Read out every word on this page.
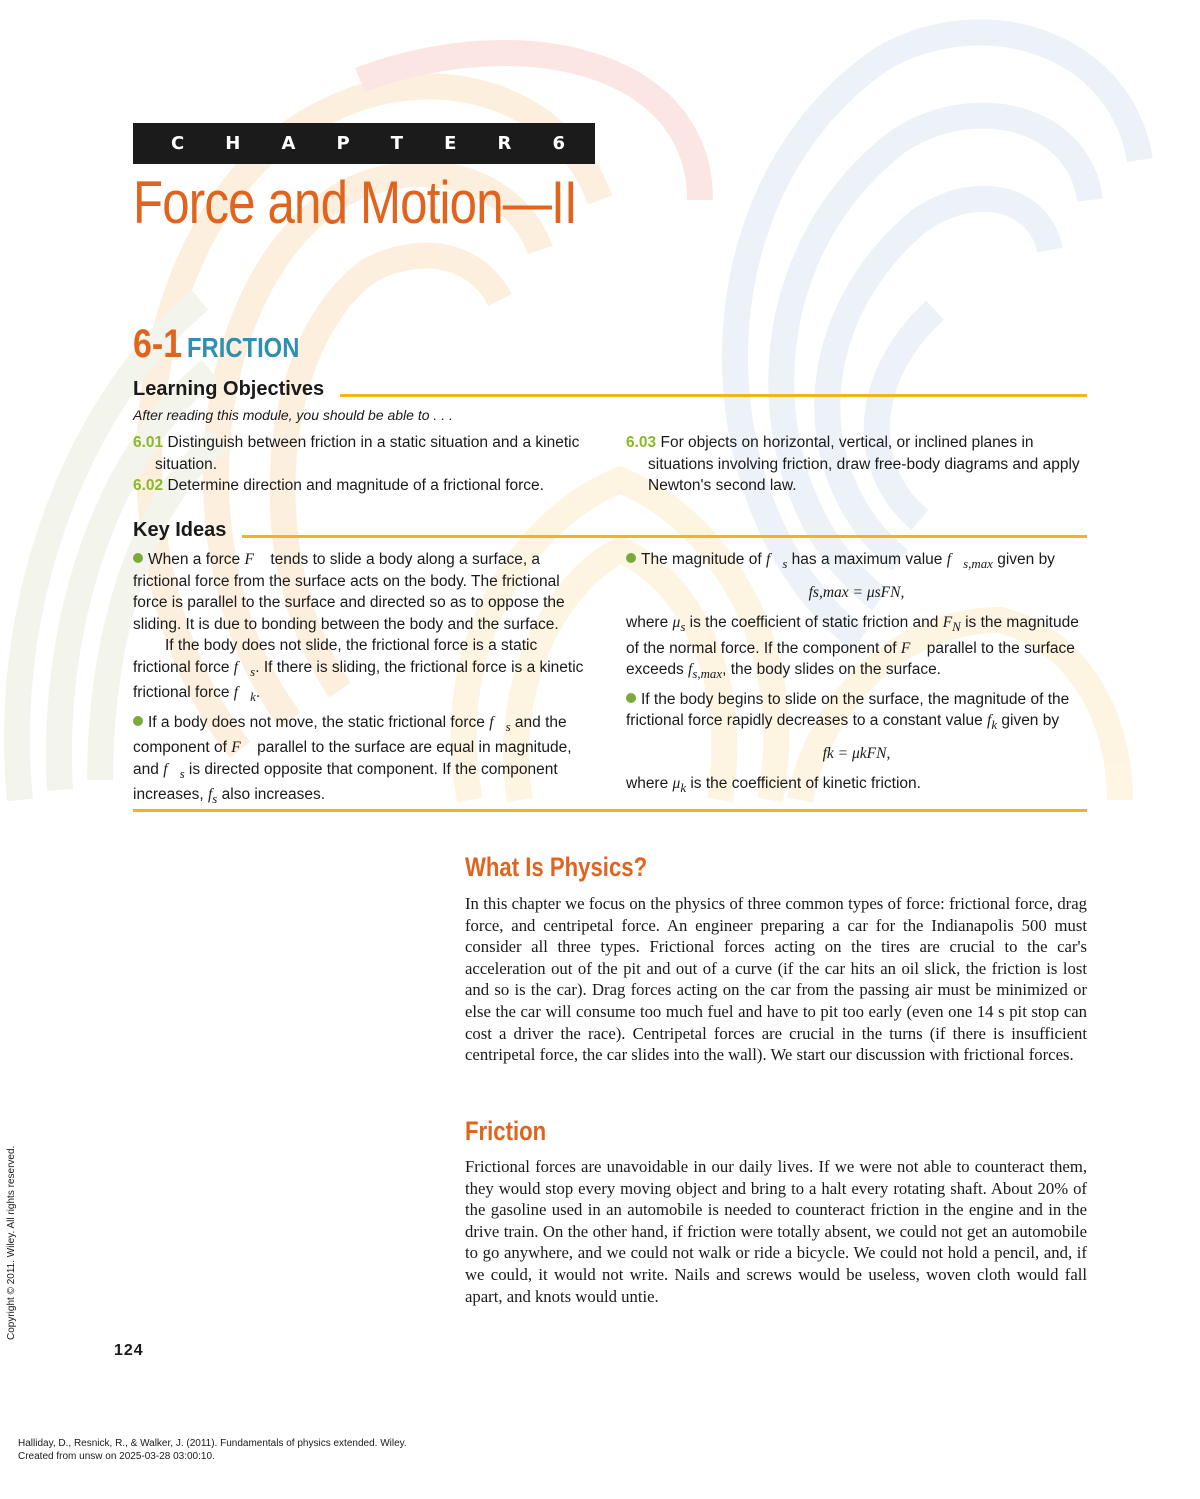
C H A P T E R 6
Force and Motion—II
6-1 FRICTION
Learning Objectives
After reading this module, you should be able to . . .
6.01 Distinguish between friction in a static situation and a kinetic situation.
6.02 Determine direction and magnitude of a frictional force.
6.03 For objects on horizontal, vertical, or inclined planes in situations involving friction, draw free-body diagrams and apply Newton's second law.
Key Ideas
When a force F⃗ tends to slide a body along a surface, a frictional force from the surface acts on the body. The frictional force is parallel to the surface and directed so as to oppose the sliding. It is due to bonding between the body and the surface.
If the body does not slide, the frictional force is a static frictional force $f⃗_s$. If there is sliding, the frictional force is a kinetic frictional force $f⃗_k$.
If a body does not move, the static frictional force $f⃗_s$ and the component of F⃗ parallel to the surface are equal in magnitude, and $f⃗_s$ is directed opposite that component. If the component increases, $f_s$ also increases.
The magnitude of $f⃗_s$ has a maximum value $f⃗_{s,max}$ given by
fs,max = μsFN,
where $\mu_s$ is the coefficient of static friction and $F_N$ is the magnitude of the normal force. If the component of F⃗ parallel to the surface exceeds $f_{s,max}$, the body slides on the surface.
If the body begins to slide on the surface, the magnitude of the frictional force rapidly decreases to a constant value $f_k$ given by
fk = μkFN,
where $\mu_k$ is the coefficient of kinetic friction.
What Is Physics?
In this chapter we focus on the physics of three common types of force: frictional force, drag force, and centripetal force. An engineer preparing a car for the Indianapolis 500 must consider all three types. Frictional forces acting on the tires are crucial to the car's acceleration out of the pit and out of a curve (if the car hits an oil slick, the friction is lost and so is the car). Drag forces acting on the car from the passing air must be minimized or else the car will consume too much fuel and have to pit too early (even one 14 s pit stop can cost a driver the race). Centripetal forces are crucial in the turns (if there is insufficient centripetal force, the car slides into the wall). We start our discussion with frictional forces.
Friction
Frictional forces are unavoidable in our daily lives. If we were not able to counteract them, they would stop every moving object and bring to a halt every rotating shaft. About 20% of the gasoline used in an automobile is needed to counteract friction in the engine and in the drive train. On the other hand, if friction were totally absent, we could not get an automobile to go anywhere, and we could not walk or ride a bicycle. We could not hold a pencil, and, if we could, it would not write. Nails and screws would be useless, woven cloth would fall apart, and knots would untie.
124
Copyright © 2011. Wiley. All rights reserved.
Halliday, D., Resnick, R., & Walker, J. (2011). Fundamentals of physics extended. Wiley.
Created from unsw on 2025-03-28 03:00:10.
